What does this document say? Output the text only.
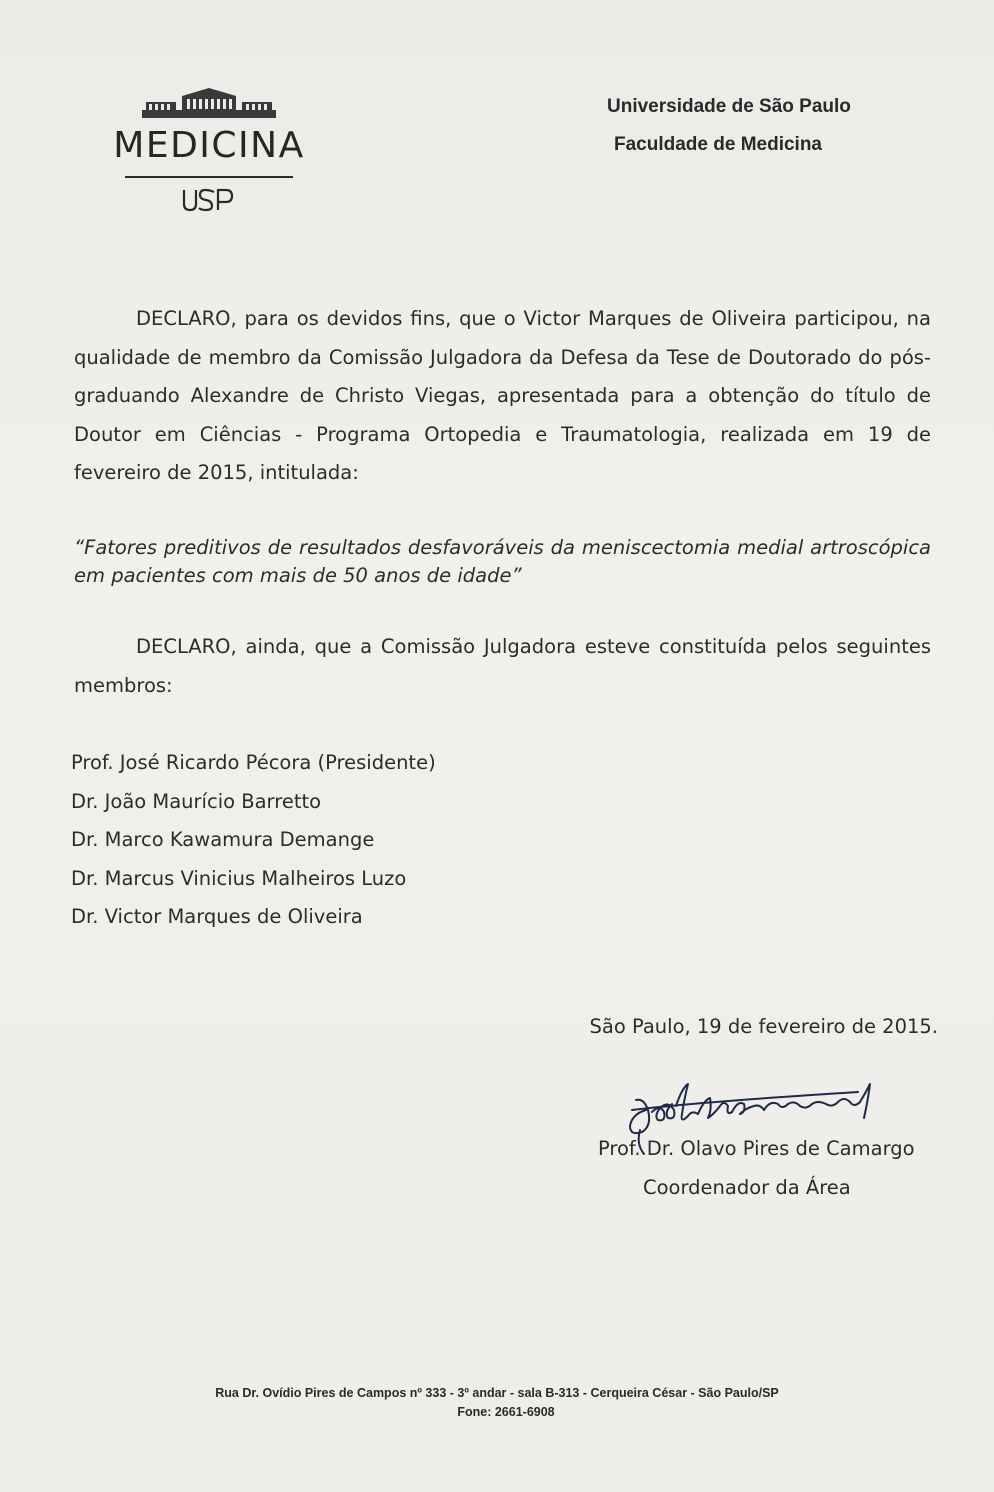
MEDICINA
Universidade de São Paulo
Faculdade de Medicina
DECLARO, para os devidos fins, que o Victor Marques de Oliveira participou, na qualidade de membro da Comissão Julgadora da Defesa da Tese de Doutorado do pós-graduando Alexandre de Christo Viegas, apresentada para a obtenção do título de Doutor em Ciências - Programa Ortopedia e Traumatologia, realizada em 19 de fevereiro de 2015, intitulada:
“Fatores preditivos de resultados desfavoráveis da meniscectomia medial artroscópica em pacientes com mais de 50 anos de idade”
DECLARO, ainda, que a Comissão Julgadora esteve constituída pelos seguintes membros:
Prof. José Ricardo Pécora (Presidente)
Dr. João Maurício Barretto
Dr. Marco Kawamura Demange
Dr. Marcus Vinicius Malheiros Luzo
Dr. Victor Marques de Oliveira
São Paulo, 19 de fevereiro de 2015.
Prof. Dr. Olavo Pires de Camargo
Coordenador da Área
Rua Dr. Ovídio Pires de Campos nº 333 - 3º andar - sala B-313 - Cerqueira César - São Paulo/SP
Fone: 2661-6908
